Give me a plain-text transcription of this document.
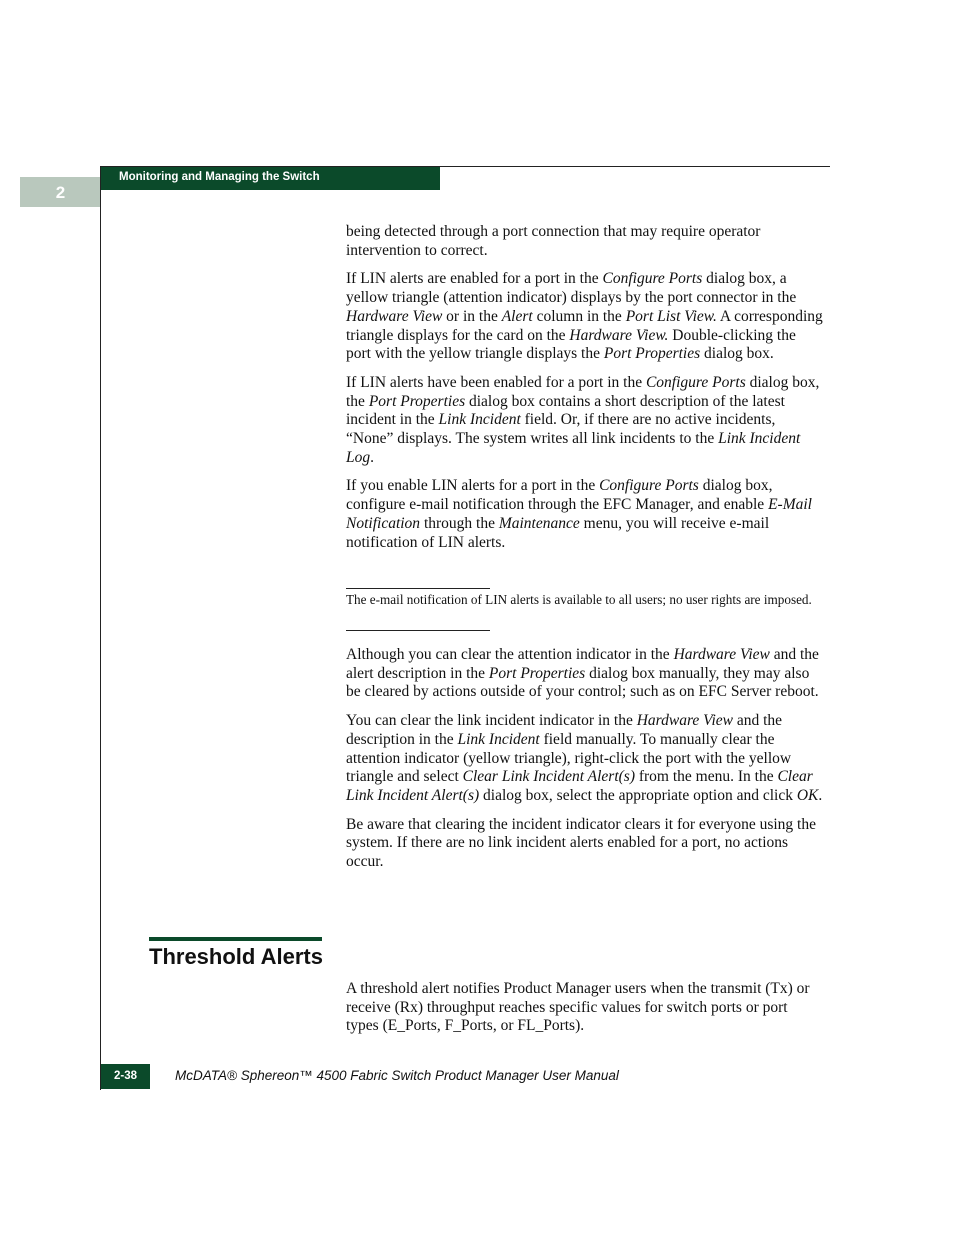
2
Monitoring and Managing the Switch

being detected through a port connection that may require operator intervention to correct.

If LIN alerts are enabled for a port in the Configure Ports dialog box, a yellow triangle (attention indicator) displays by the port connector in the Hardware View or in the Alert column in the Port List View. A corresponding triangle displays for the card on the Hardware View. Double-clicking the port with the yellow triangle displays the Port Properties dialog box.

If LIN alerts have been enabled for a port in the Configure Ports dialog box, the Port Properties dialog box contains a short description of the latest incident in the Link Incident field. Or, if there are no active incidents, “None” displays. The system writes all link incidents to the Link Incident Log.

If you enable LIN alerts for a port in the Configure Ports dialog box, configure e-mail notification through the EFC Manager, and enable E-Mail Notification through the Maintenance menu, you will receive e-mail notification of LIN alerts.

The e-mail notification of LIN alerts is available to all users; no user rights are imposed.

Although you can clear the attention indicator in the Hardware View and the alert description in the Port Properties dialog box manually, they may also be cleared by actions outside of your control; such as on EFC Server reboot.

You can clear the link incident indicator in the Hardware View and the description in the Link Incident field manually. To manually clear the attention indicator (yellow triangle), right-click the port with the yellow triangle and select Clear Link Incident Alert(s) from the menu. In the Clear Link Incident Alert(s) dialog box, select the appropriate option and click OK.

Be aware that clearing the incident indicator clears it for everyone using the system. If there are no link incident alerts enabled for a port, no actions occur.

Threshold Alerts

A threshold alert notifies Product Manager users when the transmit (Tx) or receive (Rx) throughput reaches specific values for switch ports or port types (E_Ports, F_Ports, or FL_Ports).

2-38	McDATA® Sphereon™ 4500 Fabric Switch Product Manager User Manual
